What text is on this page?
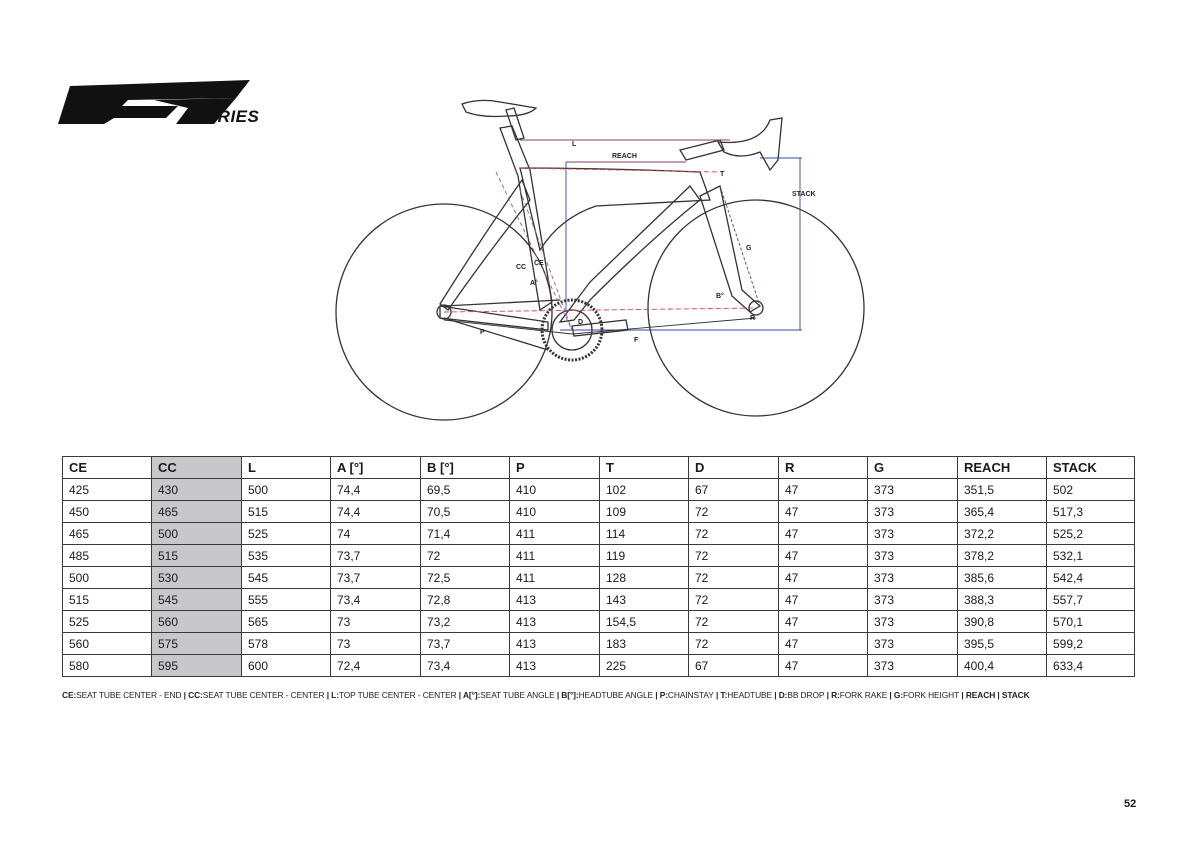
SERIES
L
REACH
T
STACK
G
CC
CE
A°
B°
D
R
P
F
CE	CC	L	A [°]	B [°]	P	T	D	R	G	REACH	STACK
425	430	500	74,4	69,5	410	102	67	47	373	351,5	502
450	465	515	74,4	70,5	410	109	72	47	373	365,4	517,3
465	500	525	74	71,4	411	114	72	47	373	372,2	525,2
485	515	535	73,7	72	411	119	72	47	373	378,2	532,1
500	530	545	73,7	72,5	411	128	72	47	373	385,6	542,4
515	545	555	73,4	72,8	413	143	72	47	373	388,3	557,7
525	560	565	73	73,2	413	154,5	72	47	373	390,8	570,1
560	575	578	73	73,7	413	183	72	47	373	395,5	599,2
580	595	600	72,4	73,4	413	225	67	47	373	400,4	633,4
CE:SEAT TUBE CENTER - END | CC:SEAT TUBE CENTER - CENTER | L:TOP TUBE CENTER - CENTER | A[°]:SEAT TUBE ANGLE | B[°]:HEADTUBE ANGLE | P:CHAINSTAY | T:HEADTUBE | D:BB DROP | R:FORK RAKE | G:FORK HEIGHT | REACH | STACK
52
